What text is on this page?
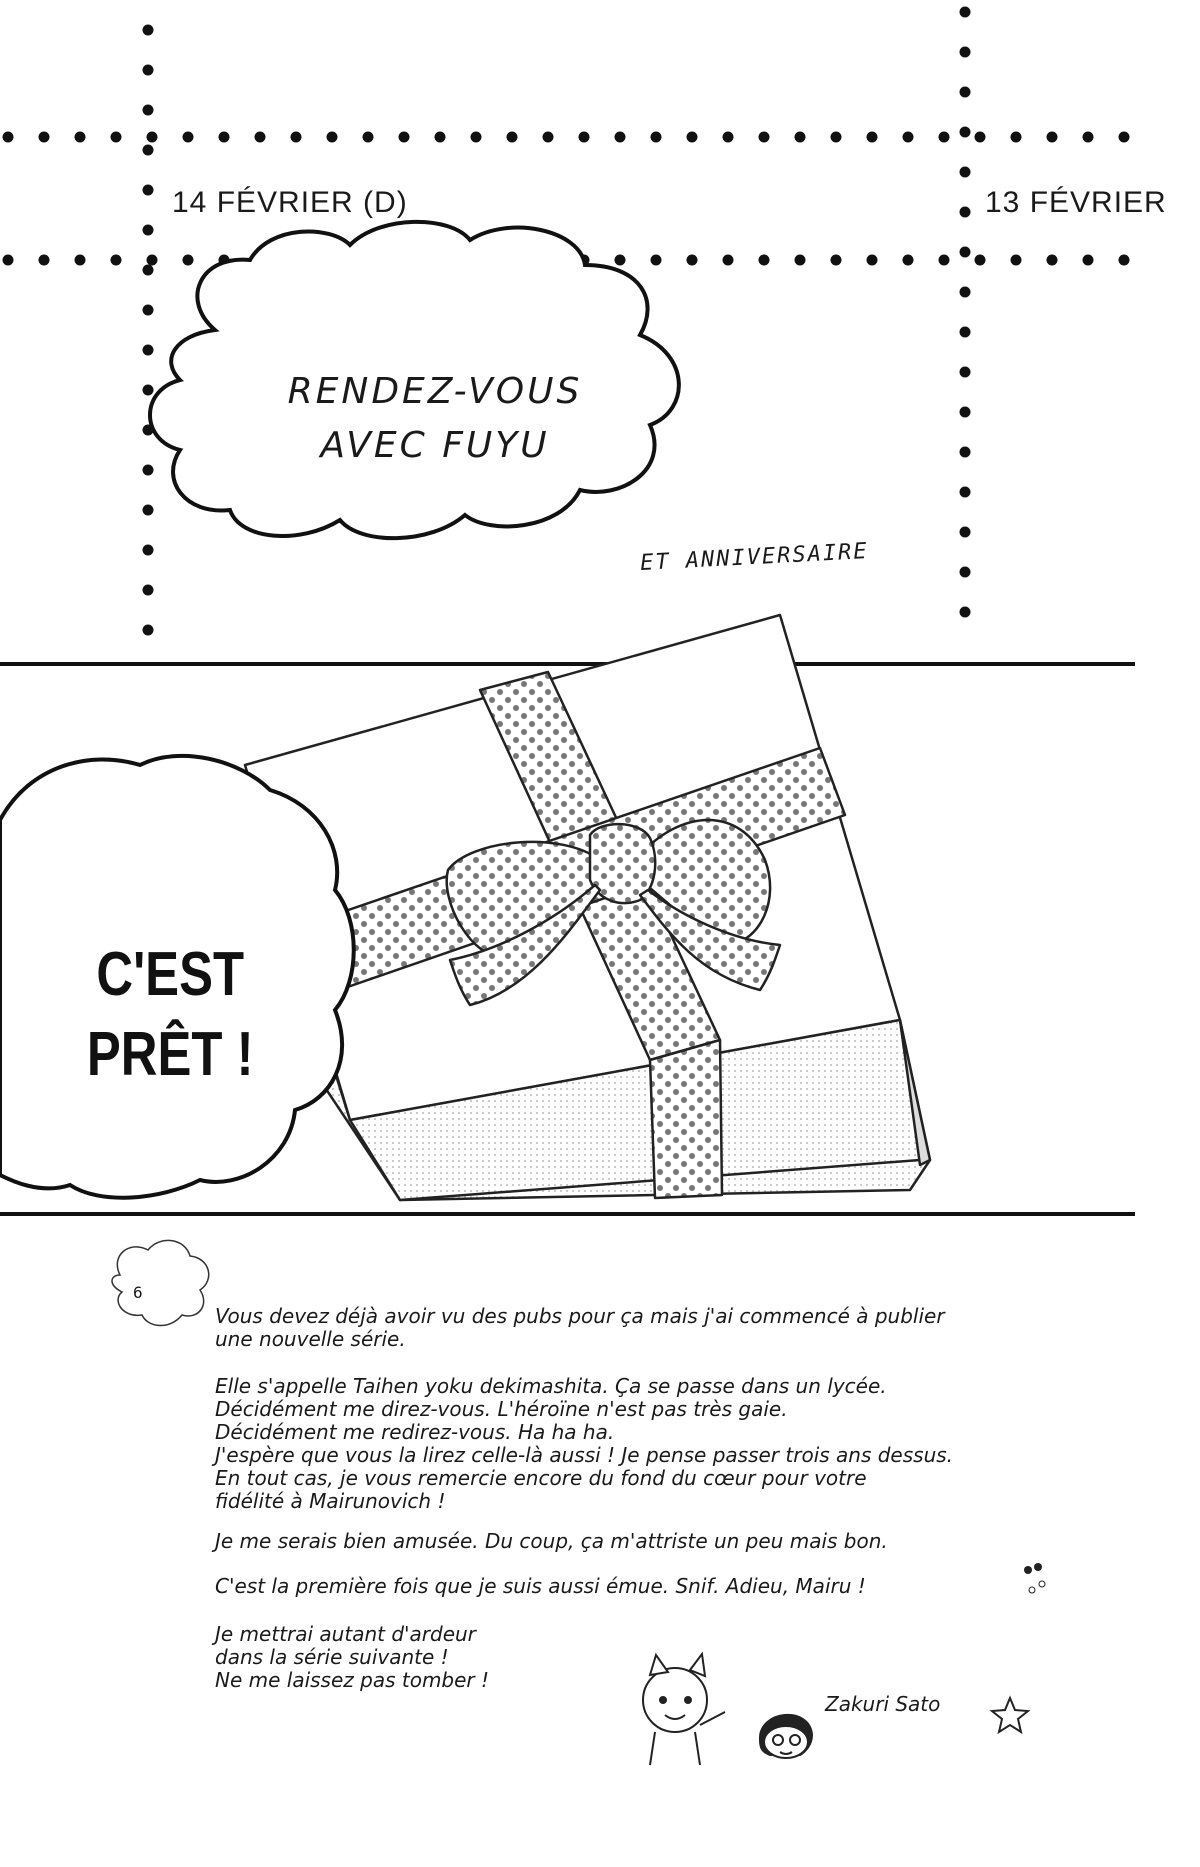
14 FÉVRIER (D)	13 FÉVRIER
RENDEZ-VOUS
AVEC FUYU
ET ANNIVERSAIRE
C'EST
PRÊT !
6
Vous devez déjà avoir vu des pubs pour ça mais j'ai commencé à publier
une nouvelle série.
Elle s'appelle Taihen yoku dekimashita. Ça se passe dans un lycée.
Décidément me direz-vous. L'héroïne n'est pas très gaie.
Décidément me redirez-vous. Ha ha ha.
J'espère que vous la lirez celle-là aussi ! Je pense passer trois ans dessus.
En tout cas, je vous remercie encore du fond du cœur pour votre
fidélité à Mairunovich !
Je me serais bien amusée. Du coup, ça m'attriste un peu mais bon.
C'est la première fois que je suis aussi émue. Snif. Adieu, Mairu !
Je mettrai autant d'ardeur
dans la série suivante !
Ne me laissez pas tomber !
Zakuri Sato
